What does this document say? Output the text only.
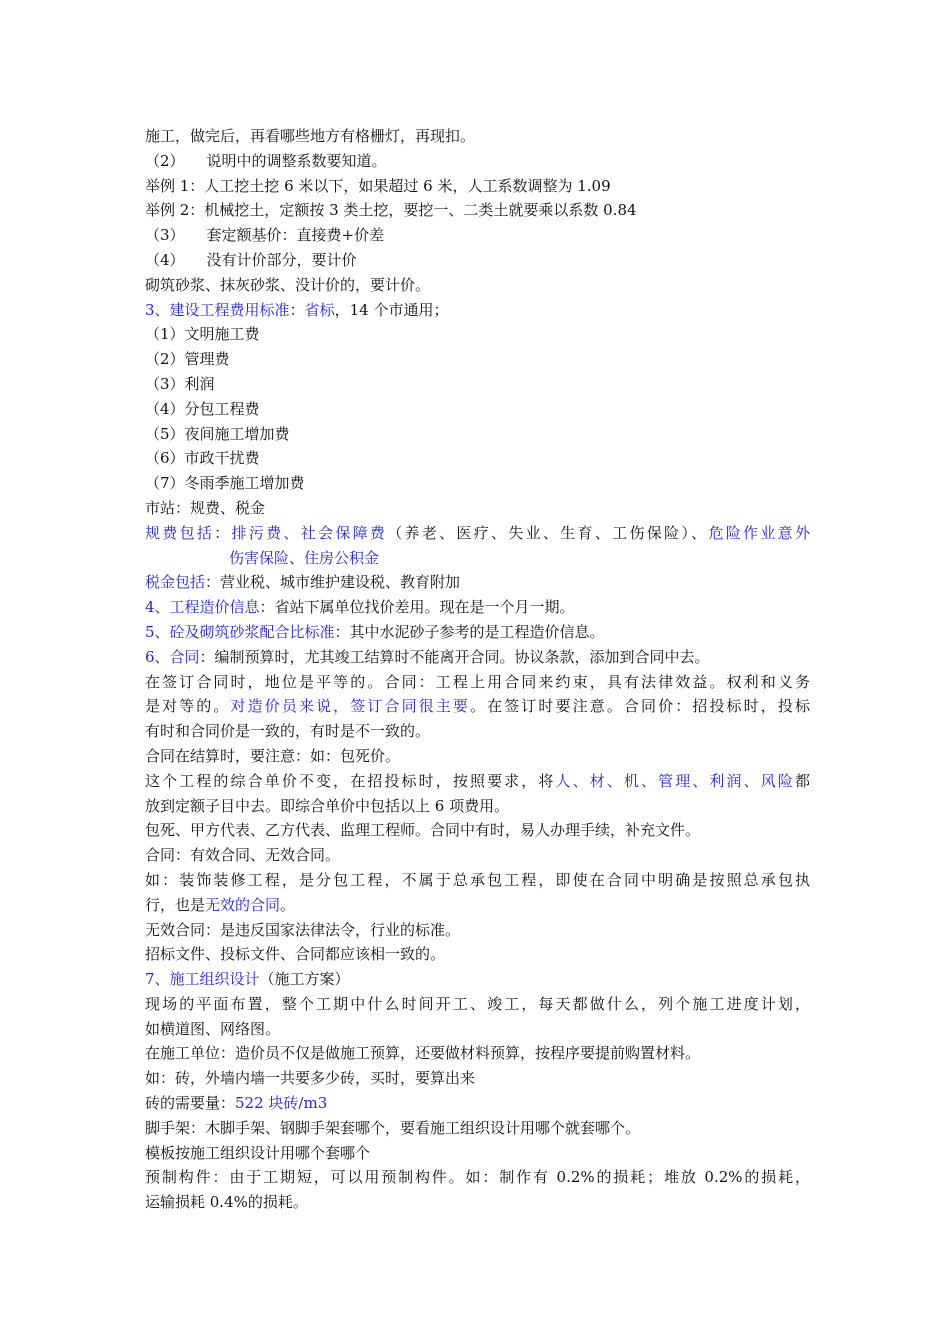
施工，做完后，再看哪些地方有格栅灯，再现扣。
（2） 说明中的调整系数要知道。
举例 1：人工挖土挖 6 米以下，如果超过 6 米，人工系数调整为 1.09
举例 2：机械挖土，定额按 3 类土挖，要挖一、二类土就要乘以系数 0.84
（3） 套定额基价：直接费+价差
（4） 没有计价部分，要计价
砌筑砂浆、抹灰砂浆、没计价的，要计价。
3、建设工程费用标准：省标，14 个市通用；
（1）文明施工费
（2）管理费
（3）利润
（4）分包工程费
（5）夜间施工增加费
（6）市政干扰费
（7）冬雨季施工增加费
市站：规费、税金
规费包括：排污费、社会保障费（养老、医疗、失业、生育、工伤保险）、危险作业意外
伤害保险、住房公积金
税金包括：营业税、城市维护建设税、教育附加
4、工程造价信息：省站下属单位找价差用。现在是一个月一期。
5、砼及砌筑砂浆配合比标准：其中水泥砂子参考的是工程造价信息。
6、合同：编制预算时，尤其竣工结算时不能离开合同。协议条款，添加到合同中去。
在签订合同时，地位是平等的。合同：工程上用合同来约束，具有法律效益。权利和义务
是对等的。对造价员来说，签订合同很主要。在签订时要注意。合同价：招投标时，投标
有时和合同价是一致的，有时是不一致的。
合同在结算时，要注意：如：包死价。
这个工程的综合单价不变，在招投标时，按照要求，将人、材、机、管理、利润、风险都
放到定额子目中去。即综合单价中包括以上 6 项费用。
包死、甲方代表、乙方代表、监理工程师。合同中有时，易人办理手续，补充文件。
合同：有效合同、无效合同。
如：装饰装修工程，是分包工程，不属于总承包工程，即使在合同中明确是按照总承包执
行，也是无效的合同。
无效合同：是违反国家法律法令，行业的标准。
招标文件、投标文件、合同都应该相一致的。
7、施工组织设计（施工方案）
现场的平面布置，整个工期中什么时间开工、竣工，每天都做什么，列个施工进度计划，
如横道图、网络图。
在施工单位：造价员不仅是做施工预算，还要做材料预算，按程序要提前购置材料。
如：砖，外墙内墙一共要多少砖，买时，要算出来
砖的需要量：522 块砖/m3
脚手架：木脚手架、钢脚手架套哪个，要看施工组织设计用哪个就套哪个。
模板按施工组织设计用哪个套哪个
预制构件：由于工期短，可以用预制构件。如：制作有 0.2%的损耗；堆放 0.2%的损耗，
运输损耗 0.4%的损耗。
